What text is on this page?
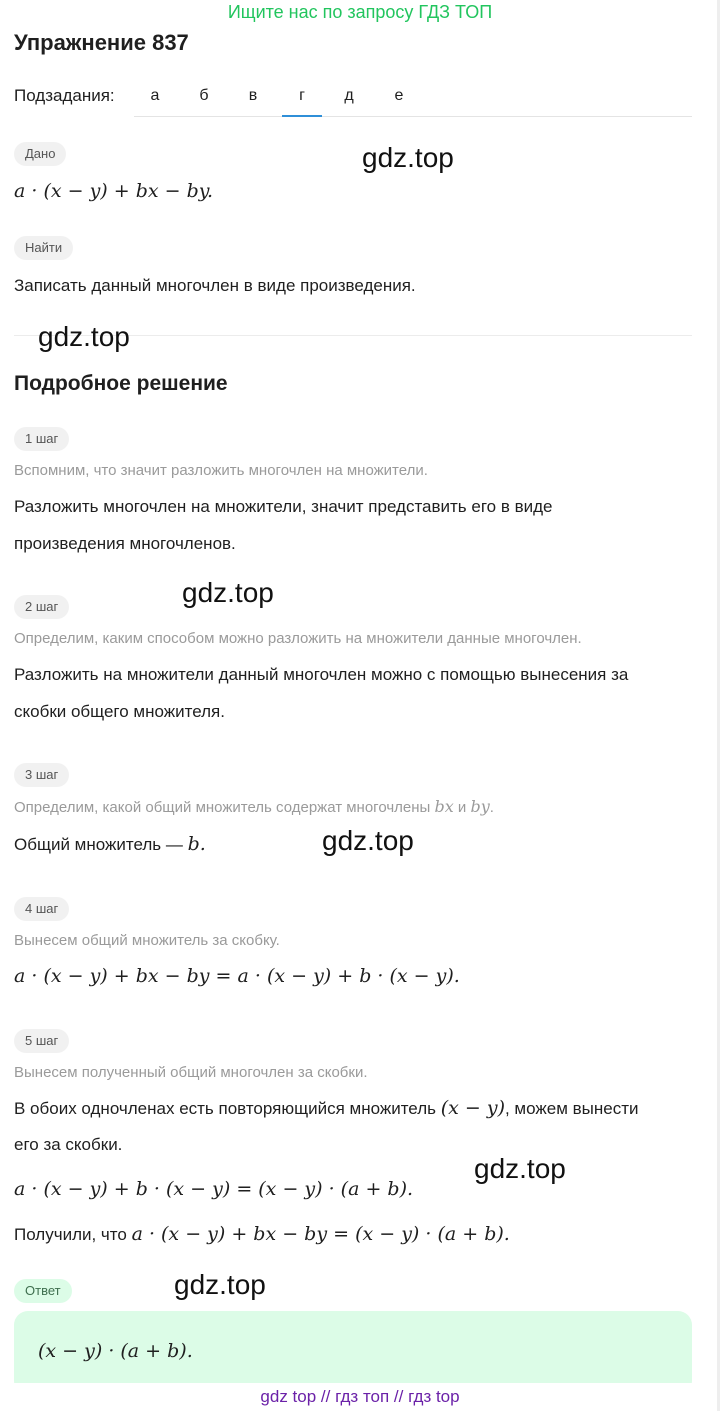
Ищите нас по запросу ГДЗ ТОП
Упражнение 837
Подзадания:	а	б	в	г	д	е
Дано
a · (x − y) + bx − by.
Найти
Записать данный многочлен в виде произведения.
Подробное решение
1 шаг
Вспомним, что значит разложить многочлен на множители.
Разложить многочлен на множители, значит представить его в виде
произведения многочленов.
2 шаг
Определим, каким способом можно разложить на множители данные многочлен.
Разложить на множители данный многочлен можно с помощью вынесения за
скобки общего множителя.
3 шаг
Определим, какой общий множитель содержат многочлены bx и by.
Общий множитель — b.
4 шаг
Вынесем общий множитель за скобку.
a · (x − y) + bx − by = a · (x − y) + b · (x − y).
5 шаг
Вынесем полученный общий многочлен за скобки.
В обоих одночленах есть повторяющийся множитель (x − y), можем вынести
его за скобки.
a · (x − y) + b · (x − y) = (x − y) · (a + b).
Получили, что a · (x − y) + bx − by = (x − y) · (a + b).
Ответ
(x − y) · (a + b).
gdz.top
gdz.top
gdz.top
gdz.top
gdz.top
gdz.top
gdz top // гдз топ // гдз top
